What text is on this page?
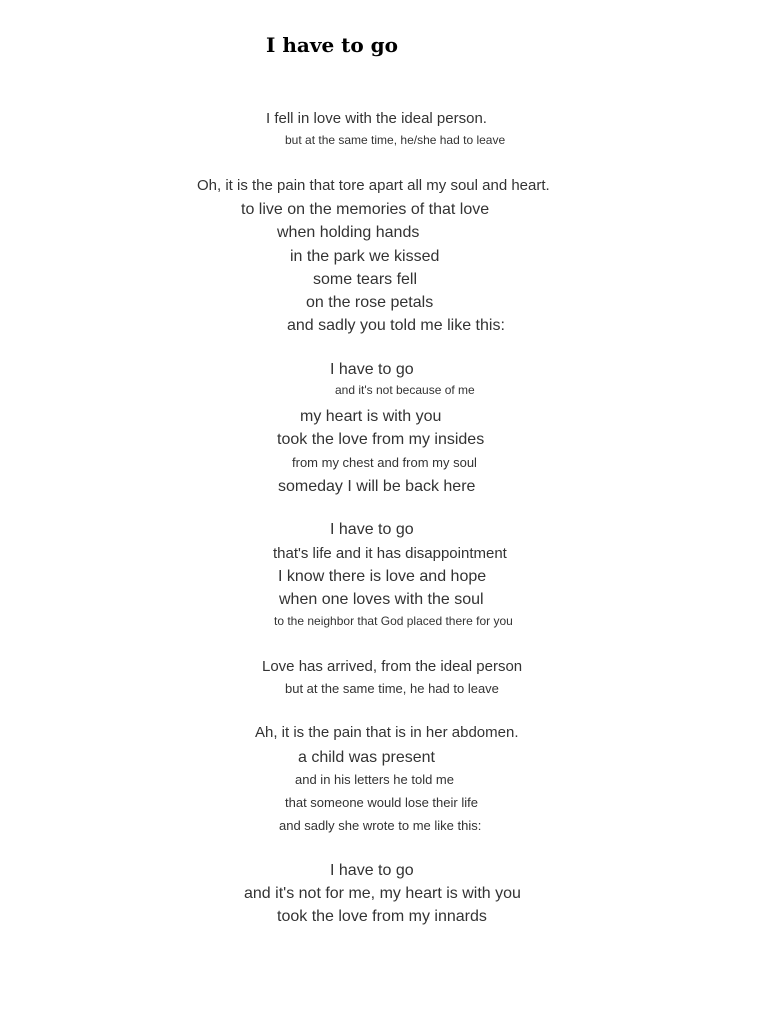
I have to go

I fell in love with the ideal person.

but at the same time, he/she had to leave

Oh, it is the pain that tore apart all my soul and heart.

to live on the memories of that love

when holding hands

in the park we kissed

some tears fell

on the rose petals

and sadly you told me like this:

I have to go

and it's not because of me

my heart is with you

took the love from my insides

from my chest and from my soul

someday I will be back here

I have to go

that's life and it has disappointment

I know there is love and hope

when one loves with the soul

to the neighbor that God placed there for you

Love has arrived, from the ideal person

but at the same time, he had to leave

Ah, it is the pain that is in her abdomen.

a child was present

and in his letters he told me

that someone would lose their life

and sadly she wrote to me like this:

I have to go

and it's not for me, my heart is with you

took the love from my innards
